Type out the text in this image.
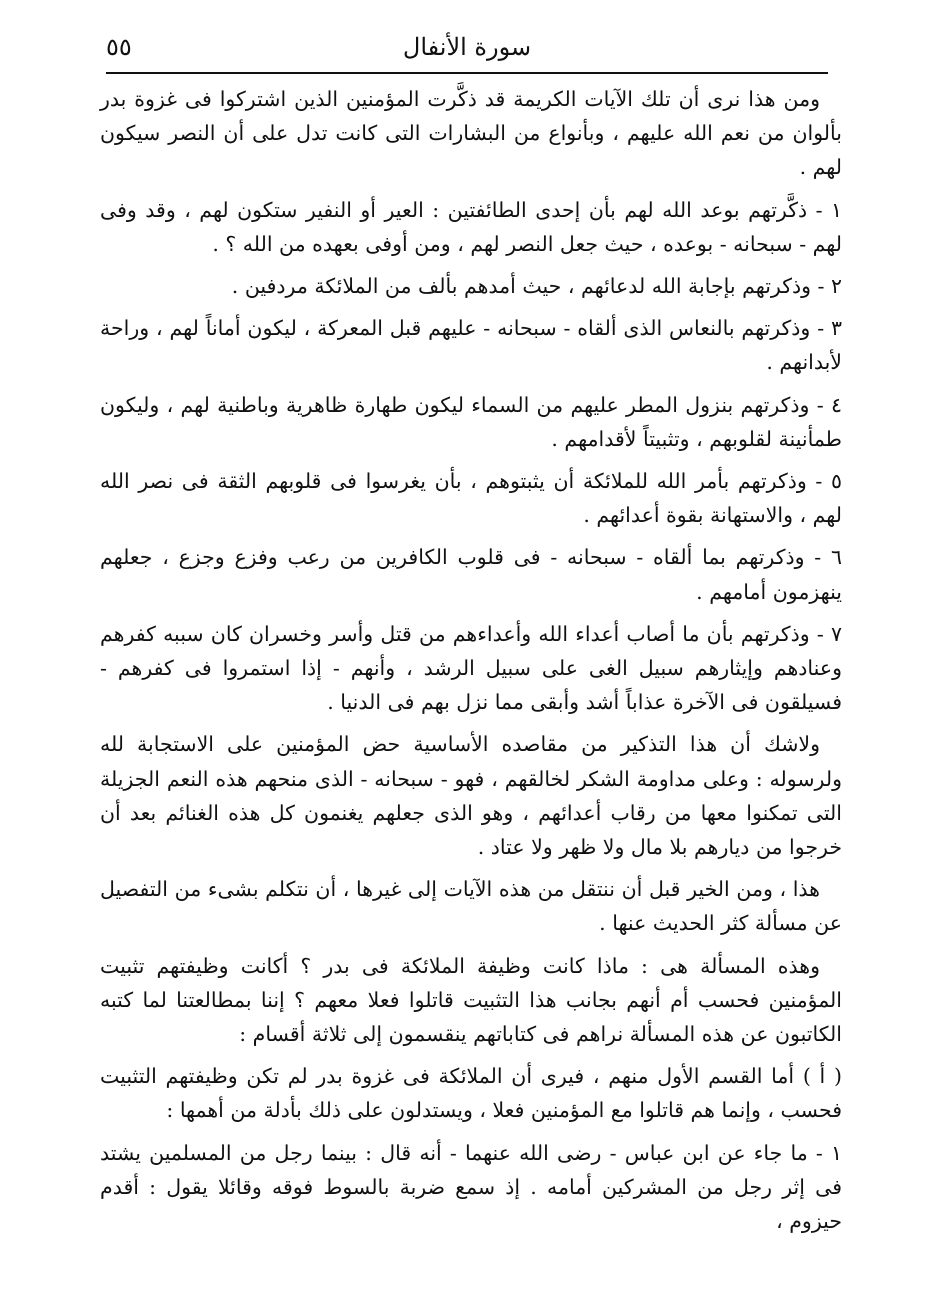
سورة الأنفال
٥٥

ومن هذا نرى أن تلك الآيات الكريمة قد ذكَّرت المؤمنين الذين اشتركوا فى غزوة بدر بألوان من نعم الله عليهم ، وبأنواع من البشارات التى كانت تدل على أن النصر سيكون لهم .

١ - ذكَّرتهم بوعد الله لهم بأن إحدى الطائفتين : العير أو النفير ستكون لهم ، وقد وفى لهم - سبحانه - بوعده ، حيث جعل النصر لهم ، ومن أوفى بعهده من الله ؟ .

٢ - وذكرتهم بإجابة الله لدعائهم ، حيث أمدهم بألف من الملائكة مردفين .

٣ - وذكرتهم بالنعاس الذى ألقاه - سبحانه - عليهم قبل المعركة ، ليكون أماناً لهم ، وراحة لأبدانهم .

٤ - وذكرتهم بنزول المطر عليهم من السماء ليكون طهارة ظاهرية وباطنية لهم ، وليكون طمأنينة لقلوبهم ، وتثبيتاً لأقدامهم .

٥ - وذكرتهم بأمر الله للملائكة أن يثبتوهم ، بأن يغرسوا فى قلوبهم الثقة فى نصر الله لهم ، والاستهانة بقوة أعدائهم .

٦ - وذكرتهم بما ألقاه - سبحانه - فى قلوب الكافرين من رعب وفزع وجزع ، جعلهم ينهزمون أمامهم .

٧ - وذكرتهم بأن ما أصاب أعداء الله وأعداءهم من قتل وأسر وخسران كان سببه كفرهم وعنادهم وإيثارهم سبيل الغى على سبيل الرشد ، وأنهم - إذا استمروا فى كفرهم - فسيلقون فى الآخرة عذاباً أشد وأبقى مما نزل بهم فى الدنيا .

ولاشك أن هذا التذكير من مقاصده الأساسية حض المؤمنين على الاستجابة لله ولرسوله : وعلى مداومة الشكر لخالقهم ، فهو - سبحانه - الذى منحهم هذه النعم الجزيلة التى تمكنوا معها من رقاب أعدائهم ، وهو الذى جعلهم يغنمون كل هذه الغنائم بعد أن خرجوا من ديارهم بلا مال ولا ظهر ولا عتاد .

هذا ، ومن الخير قبل أن ننتقل من هذه الآيات إلى غيرها ، أن نتكلم بشىء من التفصيل عن مسألة كثر الحديث عنها .

وهذه المسألة هى : ماذا كانت وظيفة الملائكة فى بدر ؟ أكانت وظيفتهم تثبيت المؤمنين فحسب أم أنهم بجانب هذا التثبيت قاتلوا فعلا معهم ؟ إننا بمطالعتنا لما كتبه الكاتبون عن هذه المسألة نراهم فى كتاباتهم ينقسمون إلى ثلاثة أقسام :

( أ ) أما القسم الأول منهم ، فيرى أن الملائكة فى غزوة بدر لم تكن وظيفتهم التثبيت فحسب ، وإنما هم قاتلوا مع المؤمنين فعلا ، ويستدلون على ذلك بأدلة من أهمها :

١ - ما جاء عن ابن عباس - رضى الله عنهما - أنه قال : بينما رجل من المسلمين يشتد فى إثر رجل من المشركين أمامه . إذ سمع ضربة بالسوط فوقه وقائلا يقول : أقدم حيزوم ،
